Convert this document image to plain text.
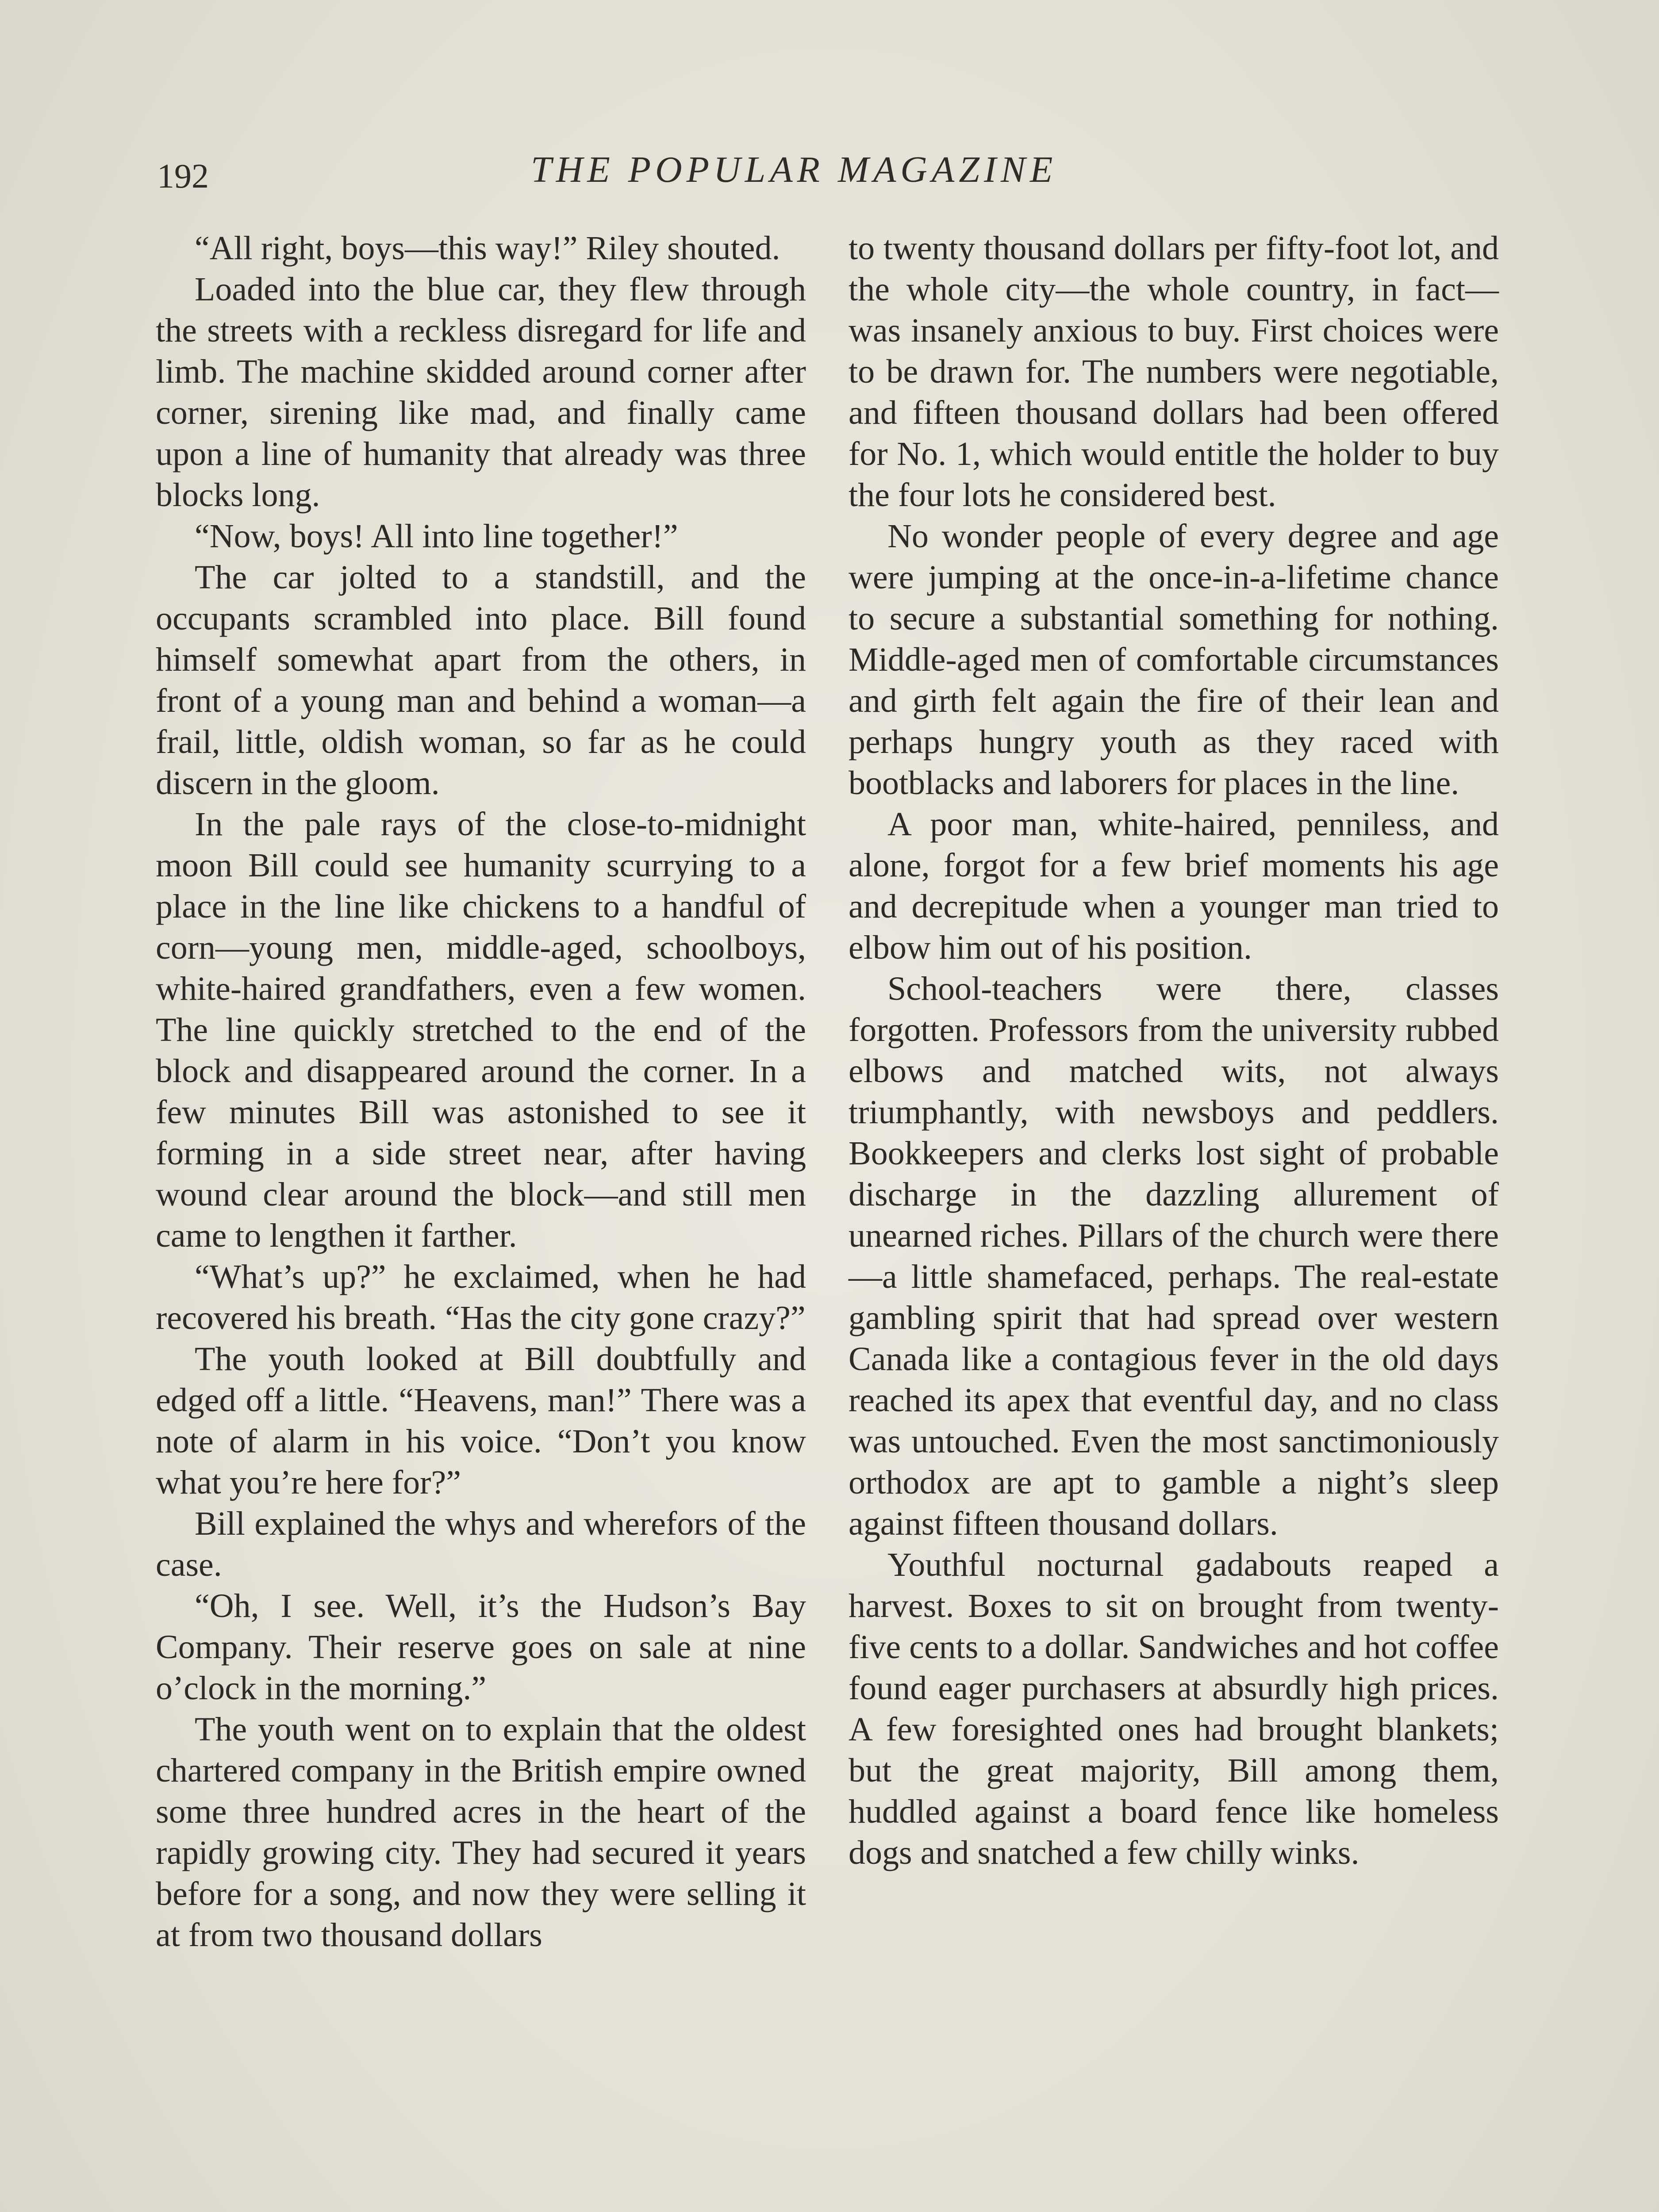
192	THE POPULAR MAGAZINE

“All right, boys—this way!” Riley shouted.

Loaded into the blue car, they flew through the streets with a reckless disregard for life and limb. The machine skidded around corner after corner, sirening like mad, and finally came upon a line of humanity that already was three blocks long.

“Now, boys! All into line together!”

The car jolted to a standstill, and the occupants scrambled into place. Bill found himself somewhat apart from the others, in front of a young man and behind a woman—a frail, little, oldish woman, so far as he could discern in the gloom.

In the pale rays of the close-to-midnight moon Bill could see humanity scurrying to a place in the line like chickens to a handful of corn—young men, middle-aged, schoolboys, white-haired grandfathers, even a few women. The line quickly stretched to the end of the block and disappeared around the corner. In a few minutes Bill was astonished to see it forming in a side street near, after having wound clear around the block—and still men came to lengthen it farther.

“What’s up?” he exclaimed, when he had recovered his breath. “Has the city gone crazy?”

The youth looked at Bill doubtfully and edged off a little. “Heavens, man!” There was a note of alarm in his voice. “Don’t you know what you’re here for?”

Bill explained the whys and wherefors of the case.

“Oh, I see. Well, it’s the Hudson’s Bay Company. Their reserve goes on sale at nine o’clock in the morning.”

The youth went on to explain that the oldest chartered company in the British empire owned some three hundred acres in the heart of the rapidly growing city. They had secured it years before for a song, and now they were selling it at from two thousand dollars

to twenty thousand dollars per fifty-foot lot, and the whole city—the whole country, in fact—was insanely anxious to buy. First choices were to be drawn for. The numbers were negotiable, and fifteen thousand dollars had been offered for No. 1, which would entitle the holder to buy the four lots he considered best.

No wonder people of every degree and age were jumping at the once-in-a-lifetime chance to secure a substantial something for nothing. Middle-aged men of comfortable circumstances and girth felt again the fire of their lean and perhaps hungry youth as they raced with bootblacks and laborers for places in the line.

A poor man, white-haired, penniless, and alone, forgot for a few brief moments his age and decrepitude when a younger man tried to elbow him out of his position.

School-teachers were there, classes forgotten. Professors from the university rubbed elbows and matched wits, not always triumphantly, with newsboys and peddlers. Bookkeepers and clerks lost sight of probable discharge in the dazzling allurement of unearned riches. Pillars of the church were there—a little shamefaced, perhaps. The real-estate gambling spirit that had spread over western Canada like a contagious fever in the old days reached its apex that eventful day, and no class was untouched. Even the most sanctimoniously orthodox are apt to gamble a night’s sleep against fifteen thousand dollars.

Youthful nocturnal gadabouts reaped a harvest. Boxes to sit on brought from twenty-five cents to a dollar. Sandwiches and hot coffee found eager purchasers at absurdly high prices. A few foresighted ones had brought blankets; but the great majority, Bill among them, huddled against a board fence like homeless dogs and snatched a few chilly winks.
